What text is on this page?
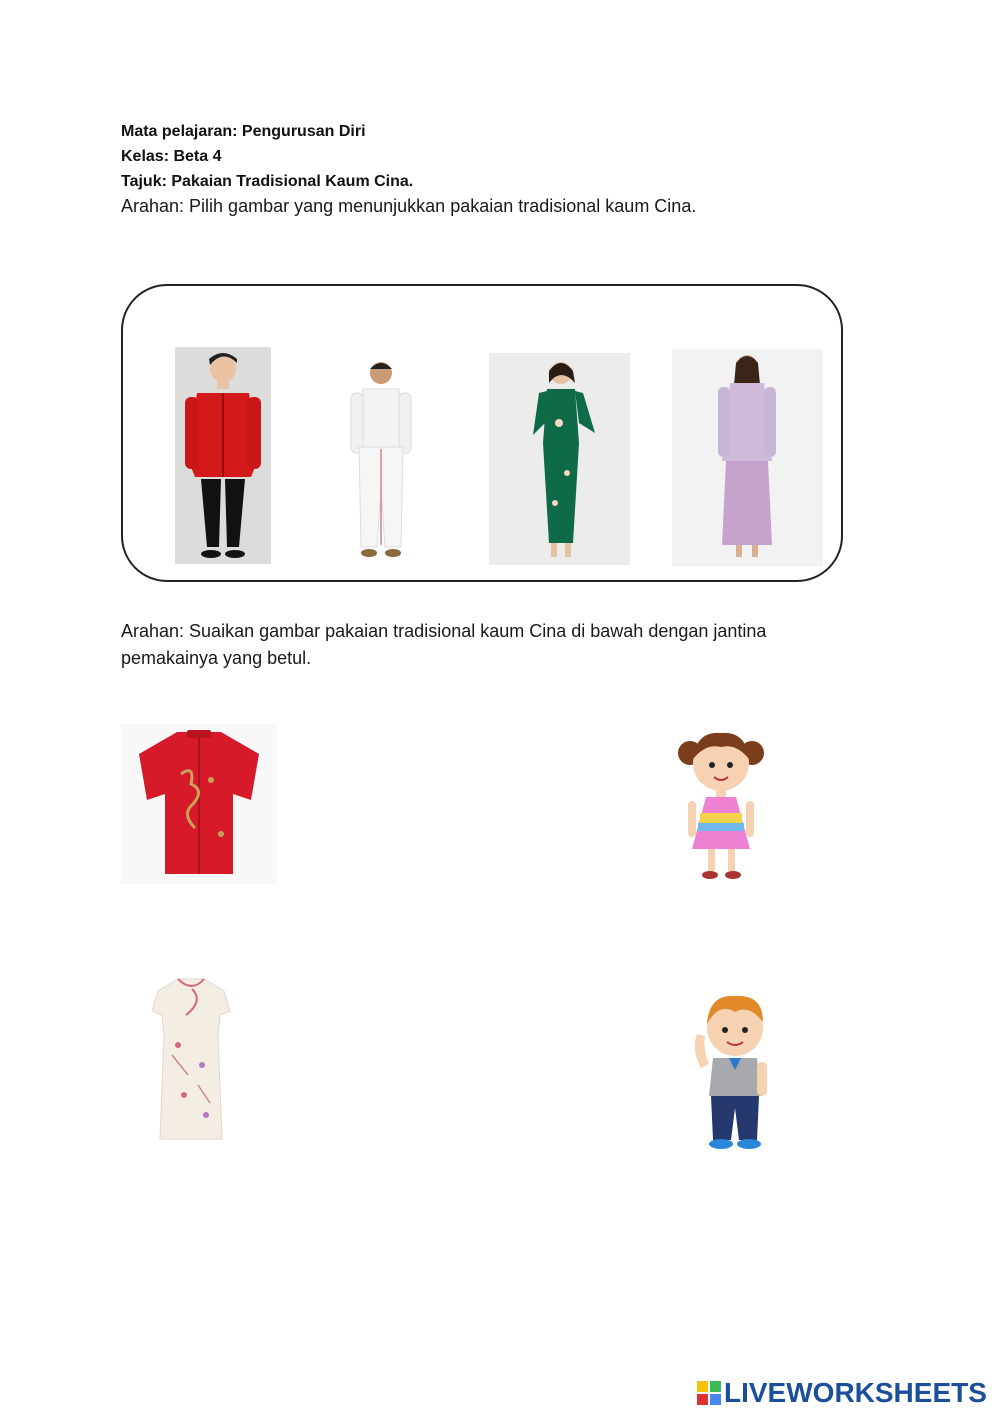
Mata pelajaran: Pengurusan Diri
Kelas: Beta 4
Tajuk: Pakaian Tradisional Kaum Cina.
Arahan: Pilih gambar yang menunjukkan pakaian tradisional kaum Cina.
Arahan: Suaikan gambar pakaian tradisional kaum Cina di bawah dengan jantina
pemakainya yang betul.
LIVEWORKSHEETS
